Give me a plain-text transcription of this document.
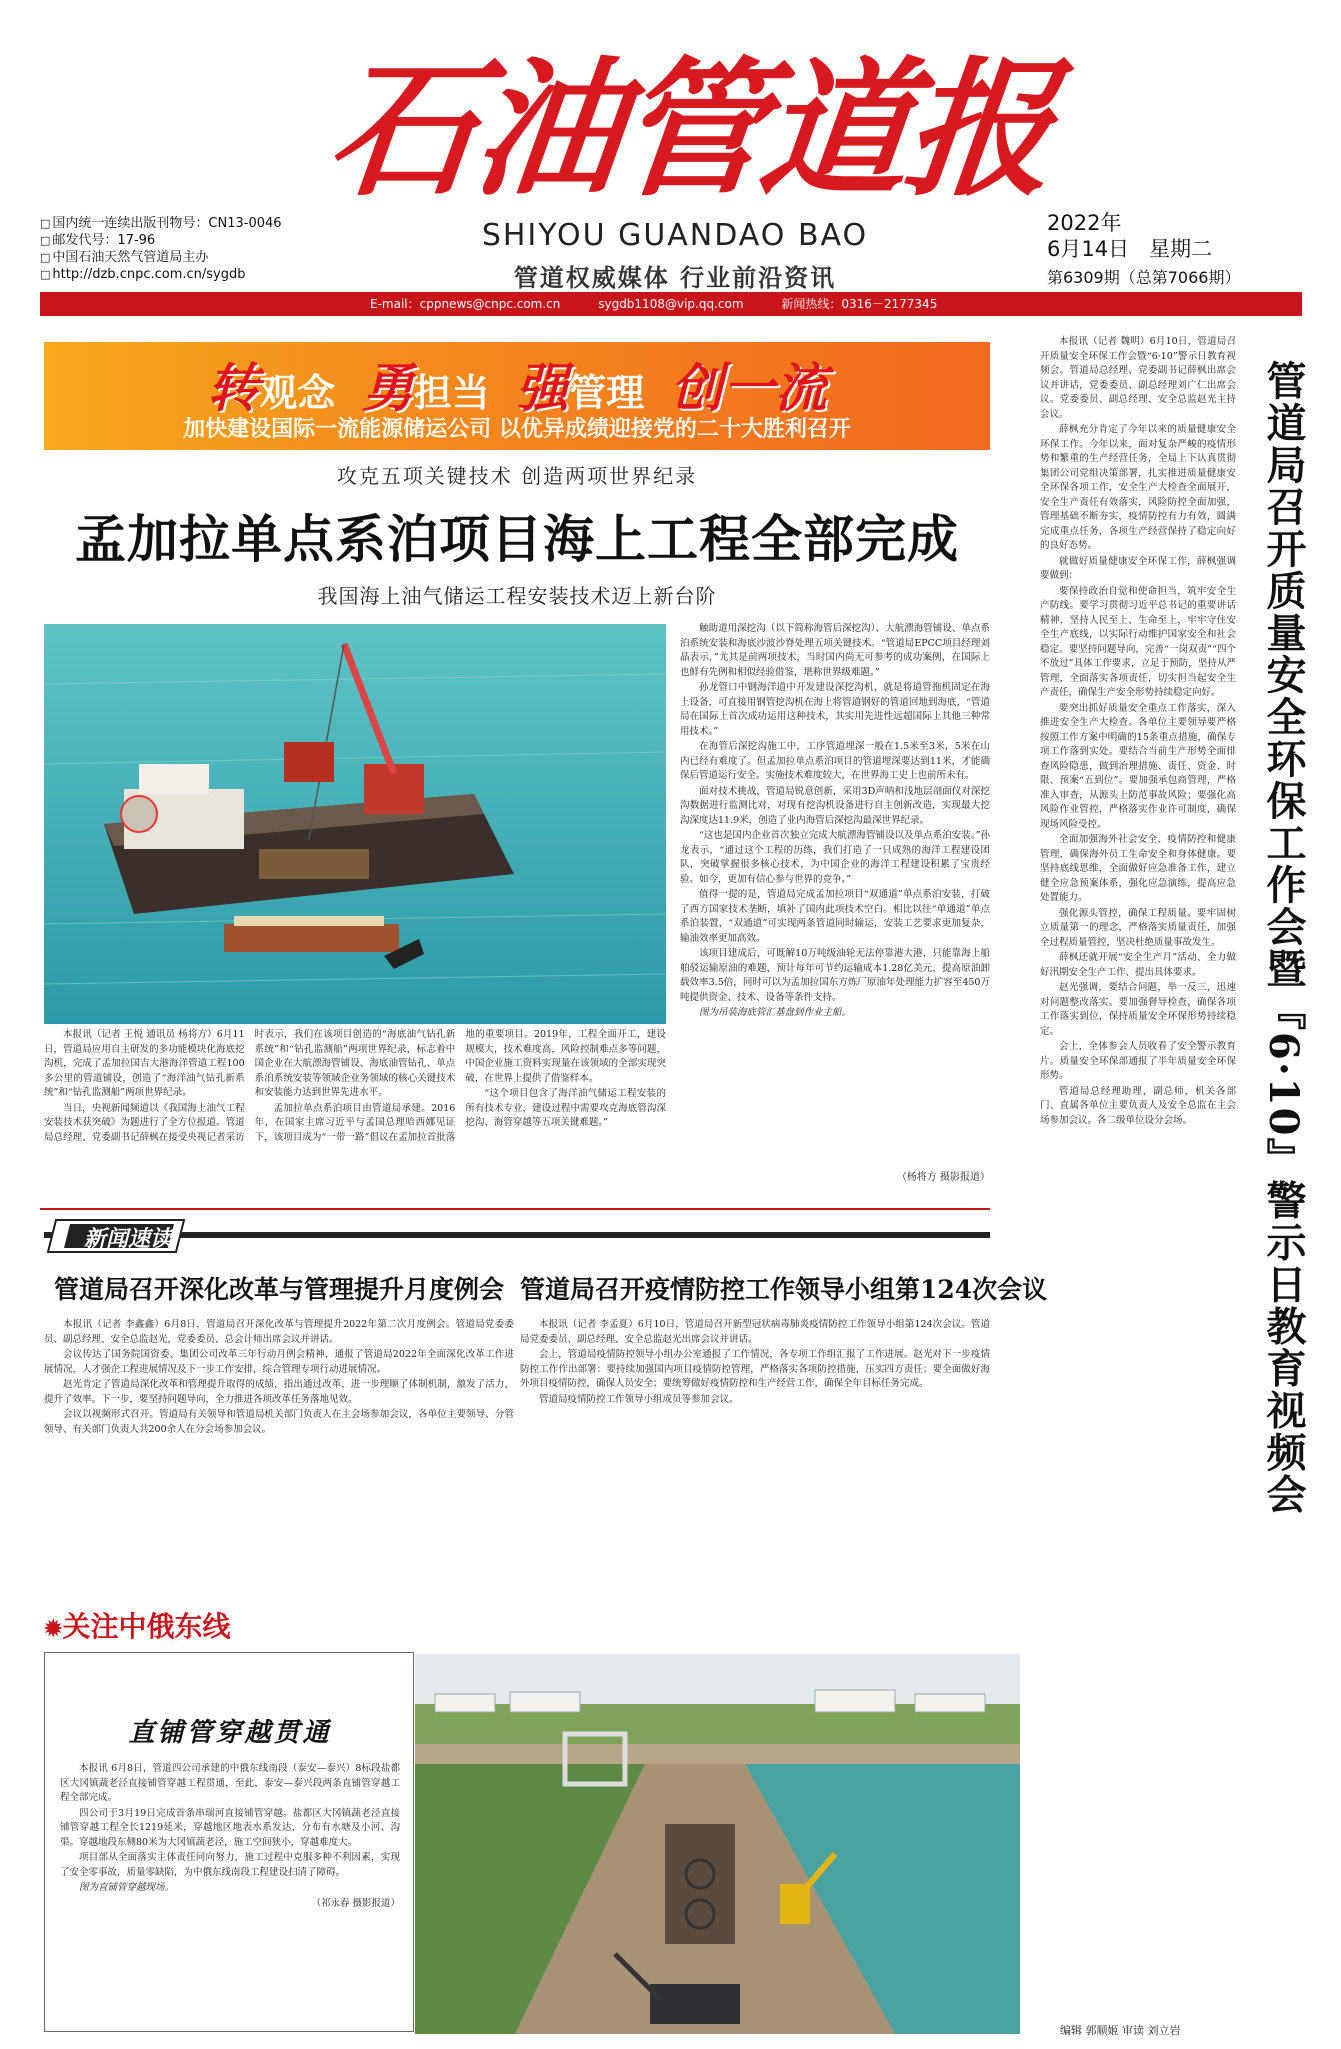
石油管道报
SHIYOU GUANDAO BAO
管道权威媒体 行业前沿资讯
□ 国内统一连续出版刊物号：CN13-0046
□ 邮发代号：17-96
□ 中国石油天然气管道局主办
□ http://dzb.cnpc.com.cn/sygdb
2022年
6月14日 星期二
第6309期（总第7066期）
E-mail：cppnews@cnpc.com.cn	sygdb1108@vip.qq.com	新闻热线：0316－2177345
转观念 勇担当 强管理 创一流
加快建设国际一流能源储运公司 以优异成绩迎接党的二十大胜利召开
攻克五项关键技术 创造两项世界纪录
孟加拉单点系泊项目海上工程全部完成
我国海上油气储运工程安装技术迈上新台阶

触助道用深挖沟（以下简称海管后深挖沟）、大航漂海管铺设、单点系泊系统安装和海底沙波沙脊处理五项关键技术。“管道局EPCC项目经理刘晶表示，”尤其是前两项技术，当时国内尚无可参考的成功案例，在国际上也鲜有先例和相似经验借鉴，堪称世界级难题。”

孙龙管口中钢海洋道中开发建设深挖沟机，就是将道管拖机固定在海上设备，可直接用钢管挖沟机在海上将管道钢好的管道回地到海底，“管道局在国际上首次成功运用这种技术，其实用先进性远超国际上其他三种常用技术。”

在海管后深挖沟施工中，工序管道埋深一般在1.5米至3米，5米在山内已经有难度了。但孟加拉单点系泊项目的管道埋深要达到11米，才能确保后管道运行安全。实施技术难度较大，在世界海工史上也前所未有。

面对技术挑战，管道局锐意创新，采用3D声呐和浅地层剖面仪对深挖沟数据进行监测比对，对现有挖沟机设备进行自主创新改造，实现最大挖沟深度达11.9米，创造了业内海管后深挖沟最深世界纪录。

“这也是国内企业首次独立完成大航漂海管铺设以及单点系泊安装。”孙龙表示，“通过这个工程的历练，我们打造了一只成熟的海洋工程建设团队，突破掌握很多核心技术，为中国企业的海洋工程建设积累了宝贵经验。如今，更加有信心参与世界的竞争。”

值得一提的是，管道局完成孟加拉项目“双通道”单点系泊安装，打破了西方国家技术垄断，填补了国内此项技术空白。相比以往“单通道”单点系泊装置，“双通道”可实现两条管道同时输运，安装工艺要求更加复杂，输油效率更加高效。

该项目建成后，可既解10万吨级油轮无法停靠港大港，只能靠海上船舶驳运输原油的难题，预计每年可节约运输成本1.28亿美元，提高原油卸载效率3.5倍，同时可以为孟加拉国东方炼厂原油年处理能力扩容至450万吨提供资金、技术、设备等条件支持。

图为吊装海底管汇基盘到作业主船。

（杨将方 摄影报道）

本报讯（记者 王悦 通讯员 杨将方）6月11日，管道局应用自主研发的多功能模块化海底挖沟机，完成了孟加拉国吉大港海洋管道工程100多公里的管道铺设，创造了“海洋油气钻孔新系统”和“钻孔监测船”两项世界纪录。

当日，央视新闻频道以《我国海上油气工程安装技术获突破》为题进行了全方位报道。管道局总经理、党委副书记薛枫在接受央视记者采访时表示，我们在该项目创造的“海底油气钻孔新系统”和“钻孔监测船”两项世界纪录，标志着中国企业在大航漂海管铺设、海底油管钻孔、单点系泊系统安装等领域企业务领域的核心关键技术和安装能力达到世界先进水平。

孟加拉单点系泊项目由管道局承建。2016年，在国家主席习近平与孟国总理哈西娜见证下，该项目成为“一带一路”倡议在孟加拉首批落地的重要项目。2019年，工程全面开工，建设规模大，技术难度高，风险控制难点多等问题，中国企业施工资料实现量在该领域的全部实现突破，在世界上提供了借鉴样本。

“这个项目包含了海洋油气储运工程安装的所有技术专业，建设过程中需要攻克海底管沟深挖沟、海管穿越等五项关键难题。”	管道局召开质量安全环保工作会暨『6·10』警示日教育视频会

本报讯（记者 魏明）6月10日，管道局召开质量安全环保工作会暨“6·10”警示日教育视频会。管道局总经理、党委副书记薛枫出席会议并讲话，党委委员、副总经理刘广仁出席会议。党委委员、副总经理、安全总监赵光主持会议。

薛枫充分肯定了今年以来的质量健康安全环保工作。今年以来，面对复杂严峻的疫情形势和繁重的生产经营任务，全局上下认真贯彻集团公司党组决策部署，扎实推进质量健康安全环保各项工作，安全生产大检查全面展开，安全生产责任有效落实，风险防控全面加强，管理基础不断夯实，疫情防控有力有效，圆满完成重点任务，各项生产经营保持了稳定向好的良好态势。

就做好质量健康安全环保工作，薛枫强调要做到：

要保持政治自觉和使命担当，筑牢安全生产防线。要学习贯彻习近平总书记的重要讲话精神，坚持人民至上、生命至上，牢牢守住安全生产底线，以实际行动维护国家安全和社会稳定。要坚持问题导向，完善“一岗双责”“四个不放过”具体工作要求，立足于预防，坚持从严管理，全面落实各项责任，切实担当起安全生产责任，确保生产安全形势持续稳定向好。

要突出抓好质量安全重点工作落实，深入推进安全生产大检查。各单位主要领导要严格按照工作方案中明确的15条重点措施，确保专项工作落到实处。要结合当前生产形势全面排查风险隐患，做到治理措施、责任、资金、时限、预案“五到位”。要加强承包商管理，严格准入审查，从源头上防范事故风险；要强化高风险作业管控，严格落实作业许可制度，确保现场风险受控。

全面加强海外社会安全、疫情防控和健康管理，确保海外员工生命安全和身体健康。要坚持底线思维，全面做好应急准备工作，建立健全应急预案体系，强化应急演练，提高应急处置能力。

强化源头管控，确保工程质量。要牢固树立质量第一的理念，严格落实质量责任，加强全过程质量管控，坚决杜绝质量事故发生。

薛枫还就开展“安全生产月”活动、全力做好汛期安全生产工作、提出具体要求。

赵光强调，要结合问题，举一反三，迅速对问题整改落实。要加强督导检查，确保各项工作落实到位，保持质量安全环保形势持续稳定。

会上，全体参会人员收看了安全警示教育片。质量安全环保部通报了半年质量安全环保形势。

管道局总经理助理，副总师，机关各部门、直属各单位主要负责人及安全总监在主会场参加会议。各二级单位设分会场。

编辑 郭顺姬 审读 刘立岩
新闻速读
管道局召开深化改革与管理提升月度例会 管道局召开疫情防控工作领导小组第124次会议

本报讯（记者 李鑫鑫）6月8日，管道局召开深化改革与管理提升2022年第二次月度例会。管道局党委委员、副总经理、安全总监赵光，党委委员、总会计师出席会议并讲话。

会议传达了国务院国资委、集团公司改革三年行动月例会精神，通报了管道局2022年全面深化改革工作进展情况，人才强企工程进展情况及下一步工作安排，综合管理专项行动进展情况。

赵光肯定了管道局深化改革和管理提升取得的成绩，指出通过改革，进一步理顺了体制机制，激发了活力，提升了效率。下一步，要坚持问题导向，全力推进各项改革任务落地见效。

会议以视频形式召开。管道局有关领导和管道局机关部门负责人在主会场参加会议，各单位主要领导、分管领导、有关部门负责人共200余人在分会场参加会议。

本报讯（记者 李孟夏）6月10日，管道局召开新型冠状病毒肺炎疫情防控工作领导小组第124次会议。管道局党委委员、副总经理、安全总监赵光出席会议并讲话。

会上，管道局疫情防控领导小组办公室通报了工作情况，各专项工作组汇报了工作进展。赵光对下一步疫情防控工作作出部署：要持续加强国内项目疫情防控管理，严格落实各项防控措施，压实四方责任；要全面做好海外项目疫情防控，确保人员安全；要统筹做好疫情防控和生产经营工作，确保全年目标任务完成。

管道局疫情防控工作领导小组成员等参加会议。

✹关注中俄东线
直铺管穿越贯通

本报讯 6月8日，管道四公司承建的中俄东线南段（泰安—泰兴）8标段盐都区大冈镇蔬老泾直接铺管穿越工程贯通，至此，泰安—泰兴段两条直铺管穿越工程全部完成。

四公司于3月19日完成首条串瑞河直接铺管穿越。盐都区大冈镇蔬老泾直接铺管穿越工程全长1219延米，穿越地区地表水系发达，分布有水塘及小河、沟渠。穿越地段东侧80米为大冈镇蔬老泾，施工空间狭小，穿越难度大。

项目部从全面落实主体责任同向努力，施工过程中克服多种不利因素，实现了安全零事故，质量零缺陷，为中俄东线南段工程建设扫清了障碍。

图为直铺管穿越现场。

（祁永春 摄影报道）
